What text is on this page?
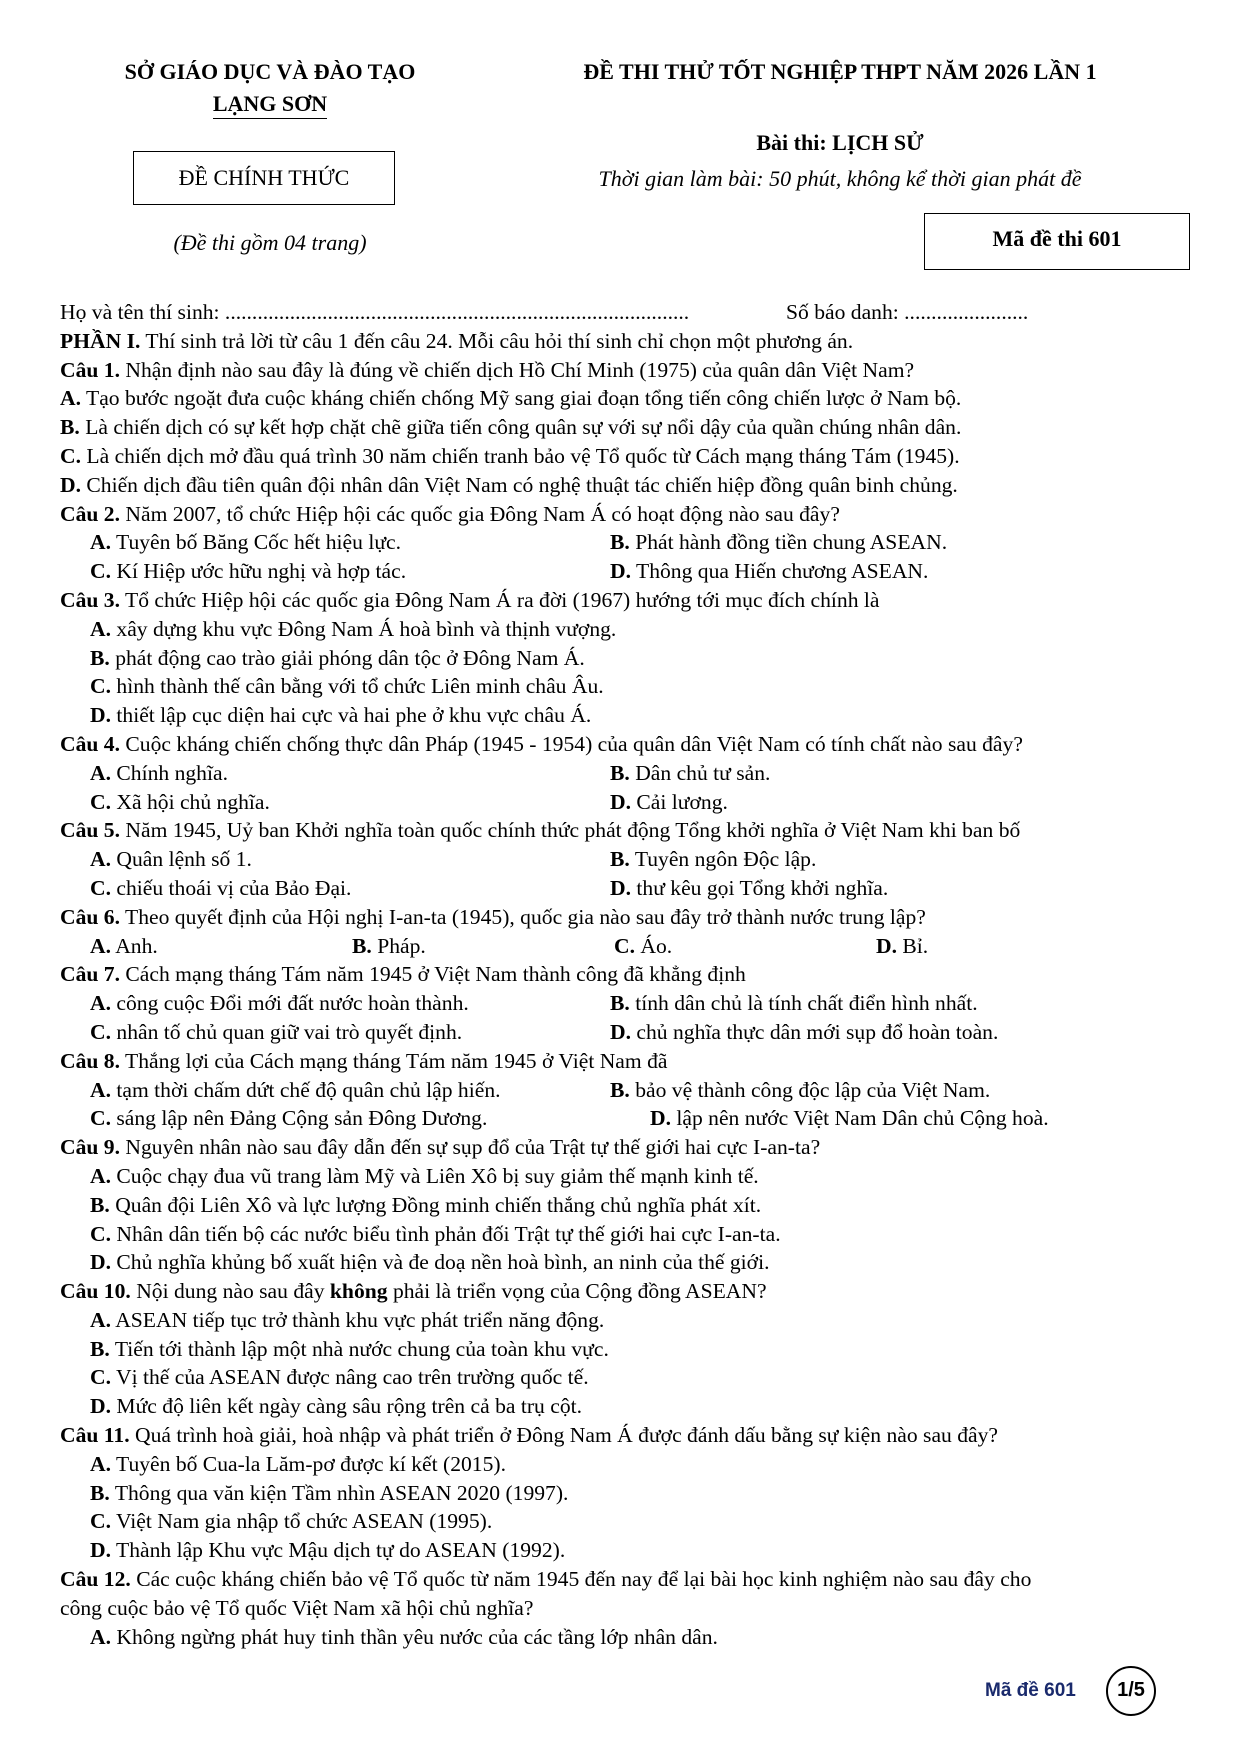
SỞ GIÁO DỤC VÀ ĐÀO TẠO
LẠNG SƠN
ĐỀ CHÍNH THỨC
(Đề thi gồm 04 trang)
ĐỀ THI THỬ TỐT NGHIỆP THPT NĂM 2026 LẦN 1
Bài thi: LỊCH SỬ
Thời gian làm bài: 50 phút, không kể thời gian phát đề
Mã đề thi 601
Họ và tên thí sinh: ......................................................................................	Số báo danh: .......................
PHẦN I. Thí sinh trả lời từ câu 1 đến câu 24. Mỗi câu hỏi thí sinh chỉ chọn một phương án.
Câu 1. Nhận định nào sau đây là đúng về chiến dịch Hồ Chí Minh (1975) của quân dân Việt Nam?
A. Tạo bước ngoặt đưa cuộc kháng chiến chống Mỹ sang giai đoạn tổng tiến công chiến lược ở Nam bộ.
B. Là chiến dịch có sự kết hợp chặt chẽ giữa tiến công quân sự với sự nổi dậy của quần chúng nhân dân.
C. Là chiến dịch mở đầu quá trình 30 năm chiến tranh bảo vệ Tổ quốc từ Cách mạng tháng Tám (1945).
D. Chiến dịch đầu tiên quân đội nhân dân Việt Nam có nghệ thuật tác chiến hiệp đồng quân binh chủng.
Câu 2. Năm 2007, tổ chức Hiệp hội các quốc gia Đông Nam Á có hoạt động nào sau đây?
A. Tuyên bố Băng Cốc hết hiệu lực.	B. Phát hành đồng tiền chung ASEAN.
C. Kí Hiệp ước hữu nghị và hợp tác.	D. Thông qua Hiến chương ASEAN.
Câu 3. Tổ chức Hiệp hội các quốc gia Đông Nam Á ra đời (1967) hướng tới mục đích chính là
A. xây dựng khu vực Đông Nam Á hoà bình và thịnh vượng.
B. phát động cao trào giải phóng dân tộc ở Đông Nam Á.
C. hình thành thế cân bằng với tổ chức Liên minh châu Âu.
D. thiết lập cục diện hai cực và hai phe ở khu vực châu Á.
Câu 4. Cuộc kháng chiến chống thực dân Pháp (1945 - 1954) của quân dân Việt Nam có tính chất nào sau đây?
A. Chính nghĩa.	B. Dân chủ tư sản.
C. Xã hội chủ nghĩa.	D. Cải lương.
Câu 5. Năm 1945, Uỷ ban Khởi nghĩa toàn quốc chính thức phát động Tổng khởi nghĩa ở Việt Nam khi ban bố
A. Quân lệnh số 1.	B. Tuyên ngôn Độc lập.
C. chiếu thoái vị của Bảo Đại.	D. thư kêu gọi Tổng khởi nghĩa.
Câu 6. Theo quyết định của Hội nghị I-an-ta (1945), quốc gia nào sau đây trở thành nước trung lập?
A. Anh.	B. Pháp.	C. Áo.	D. Bỉ.
Câu 7. Cách mạng tháng Tám năm 1945 ở Việt Nam thành công đã khẳng định
A. công cuộc Đổi mới đất nước hoàn thành.	B. tính dân chủ là tính chất điển hình nhất.
C. nhân tố chủ quan giữ vai trò quyết định.	D. chủ nghĩa thực dân mới sụp đổ hoàn toàn.
Câu 8. Thắng lợi của Cách mạng tháng Tám năm 1945 ở Việt Nam đã
A. tạm thời chấm dứt chế độ quân chủ lập hiến.	B. bảo vệ thành công độc lập của Việt Nam.
C. sáng lập nên Đảng Cộng sản Đông Dương.	D. lập nên nước Việt Nam Dân chủ Cộng hoà.
Câu 9. Nguyên nhân nào sau đây dẫn đến sự sụp đổ của Trật tự thế giới hai cực I-an-ta?
A. Cuộc chạy đua vũ trang làm Mỹ và Liên Xô bị suy giảm thế mạnh kinh tế.
B. Quân đội Liên Xô và lực lượng Đồng minh chiến thắng chủ nghĩa phát xít.
C. Nhân dân tiến bộ các nước biểu tình phản đối Trật tự thế giới hai cực I-an-ta.
D. Chủ nghĩa khủng bố xuất hiện và đe doạ nền hoà bình, an ninh của thế giới.
Câu 10. Nội dung nào sau đây không phải là triển vọng của Cộng đồng ASEAN?
A. ASEAN tiếp tục trở thành khu vực phát triển năng động.
B. Tiến tới thành lập một nhà nước chung của toàn khu vực.
C. Vị thế của ASEAN được nâng cao trên trường quốc tế.
D. Mức độ liên kết ngày càng sâu rộng trên cả ba trụ cột.
Câu 11. Quá trình hoà giải, hoà nhập và phát triển ở Đông Nam Á được đánh dấu bằng sự kiện nào sau đây?
A. Tuyên bố Cua-la Lăm-pơ được kí kết (2015).
B. Thông qua văn kiện Tầm nhìn ASEAN 2020 (1997).
C. Việt Nam gia nhập tổ chức ASEAN (1995).
D. Thành lập Khu vực Mậu dịch tự do ASEAN (1992).
Câu 12. Các cuộc kháng chiến bảo vệ Tổ quốc từ năm 1945 đến nay để lại bài học kinh nghiệm nào sau đây cho
công cuộc bảo vệ Tổ quốc Việt Nam xã hội chủ nghĩa?
A. Không ngừng phát huy tinh thần yêu nước của các tầng lớp nhân dân.
Mã đề 601	1/5
